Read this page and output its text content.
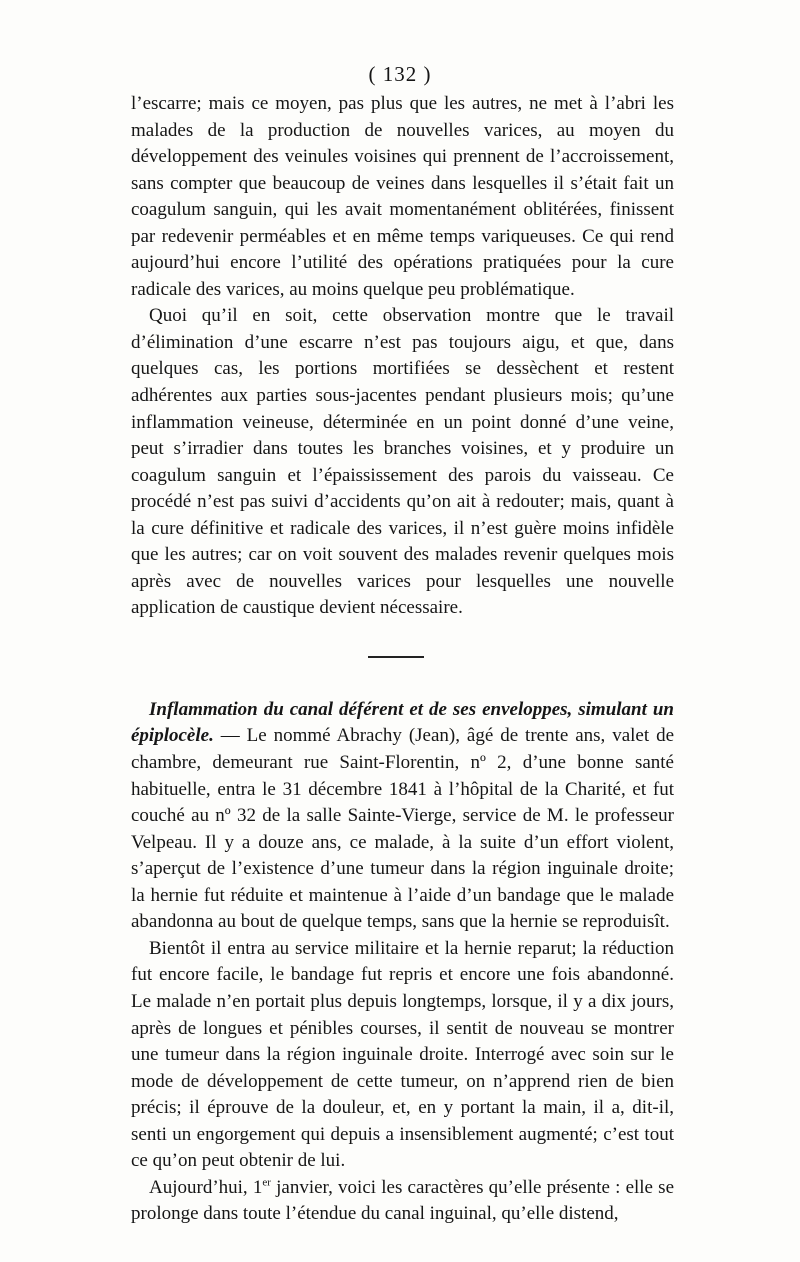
( 132 )

l’escarre; mais ce moyen, pas plus que les autres, ne met à l’abri les malades de la production de nouvelles varices, au moyen du développement des veinules voisines qui prennent de l’accroissement, sans compter que beaucoup de veines dans lesquelles il s’était fait un coagulum sanguin, qui les avait momentanément oblitérées, finissent par redevenir perméables et en même temps variqueuses. Ce qui rend aujourd’hui encore l’utilité des opérations pratiquées pour la cure radicale des varices, au moins quelque peu problématique.

Quoi qu’il en soit, cette observation montre que le travail d’élimination d’une escarre n’est pas toujours aigu, et que, dans quelques cas, les portions mortifiées se dessèchent et restent adhérentes aux parties sous-jacentes pendant plusieurs mois; qu’une inflammation veineuse, déterminée en un point donné d’une veine, peut s’irradier dans toutes les branches voisines, et y produire un coagulum sanguin et l’épaississement des parois du vaisseau. Ce procédé n’est pas suivi d’accidents qu’on ait à redouter; mais, quant à la cure définitive et radicale des varices, il n’est guère moins infidèle que les autres; car on voit souvent des malades revenir quelques mois après avec de nouvelles varices pour lesquelles une nouvelle application de caustique devient nécessaire.

Inflammation du canal déférent et de ses enveloppes, simulant un épiplocèle. — Le nommé Abrachy (Jean), âgé de trente ans, valet de chambre, demeurant rue Saint-Florentin, nº 2, d’une bonne santé habituelle, entra le 31 décembre 1841 à l’hôpital de la Charité, et fut couché au nº 32 de la salle Sainte-Vierge, service de M. le professeur Velpeau. Il y a douze ans, ce malade, à la suite d’un effort violent, s’aperçut de l’existence d’une tumeur dans la région inguinale droite; la hernie fut réduite et maintenue à l’aide d’un bandage que le malade abandonna au bout de quelque temps, sans que la hernie se reproduisît.

Bientôt il entra au service militaire et la hernie reparut; la réduction fut encore facile, le bandage fut repris et encore une fois abandonné. Le malade n’en portait plus depuis longtemps, lorsque, il y a dix jours, après de longues et pénibles courses, il sentit de nouveau se montrer une tumeur dans la région inguinale droite. Interrogé avec soin sur le mode de développement de cette tumeur, on n’apprend rien de bien précis; il éprouve de la douleur, et, en y portant la main, il a, dit-il, senti un engorgement qui depuis a insensiblement augmenté; c’est tout ce qu’on peut obtenir de lui.

Aujourd’hui, 1er janvier, voici les caractères qu’elle présente : elle se prolonge dans toute l’étendue du canal inguinal, qu’elle distend,
